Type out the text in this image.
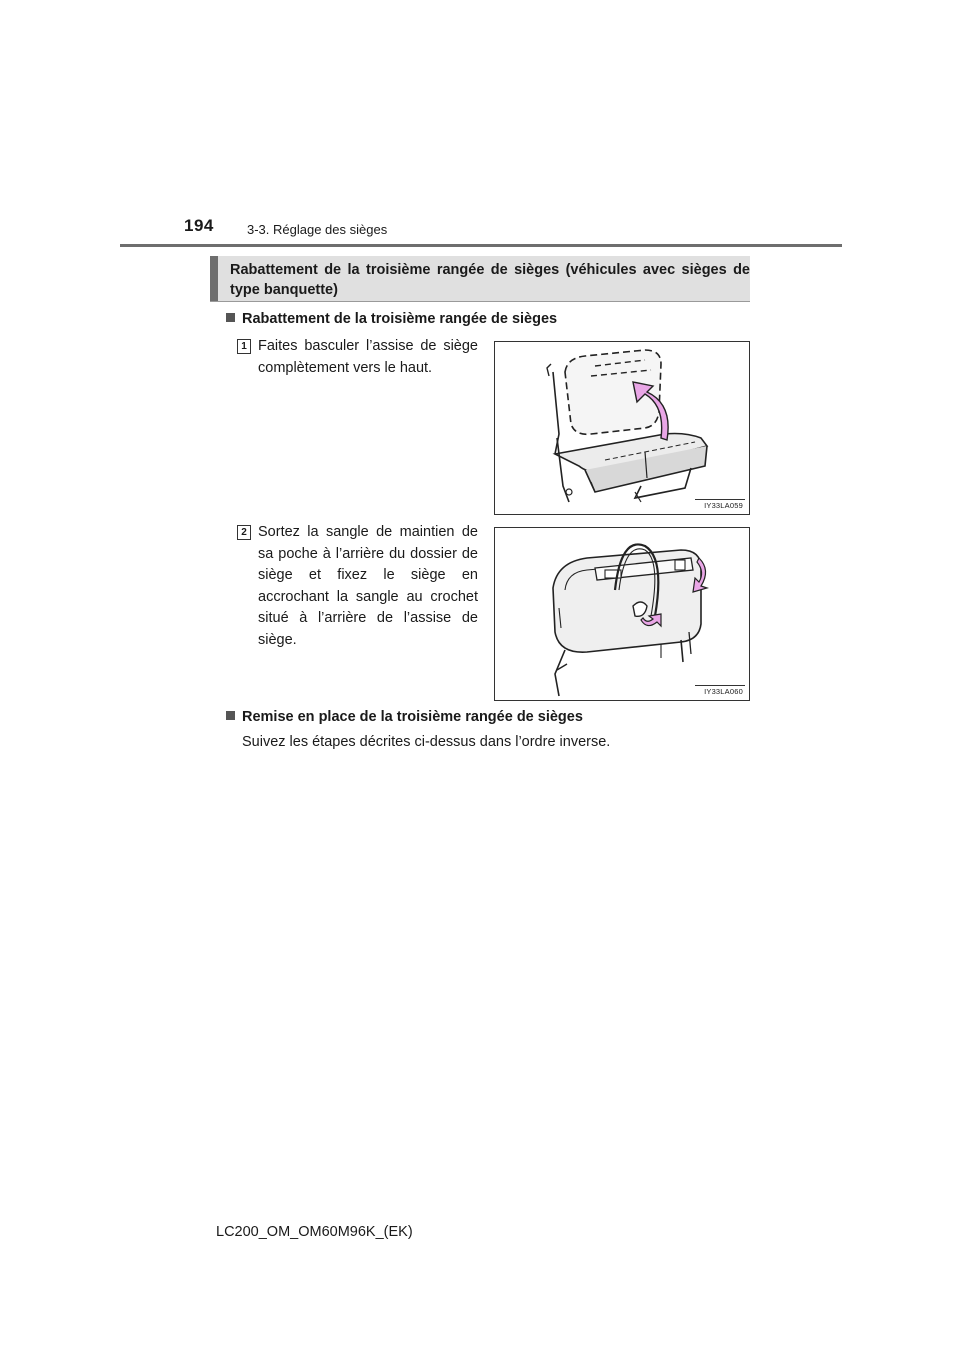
194	3-3. Réglage des sièges
Rabattement de la troisième rangée de sièges (véhicules avec sièges de type banquette)
Rabattement de la troisième rangée de sièges
1 Faites basculer l’assise de siège complètement vers le haut.
IY33LA059
2 Sortez la sangle de maintien de sa poche à l’arrière du dossier de siège et fixez le siège en accrochant la sangle au crochet situé à l’arrière de l’assise de siège.
IY33LA060
Remise en place de la troisième rangée de sièges
Suivez les étapes décrites ci-dessus dans l’ordre inverse.
LC200_OM_OM60M96K_(EK)
